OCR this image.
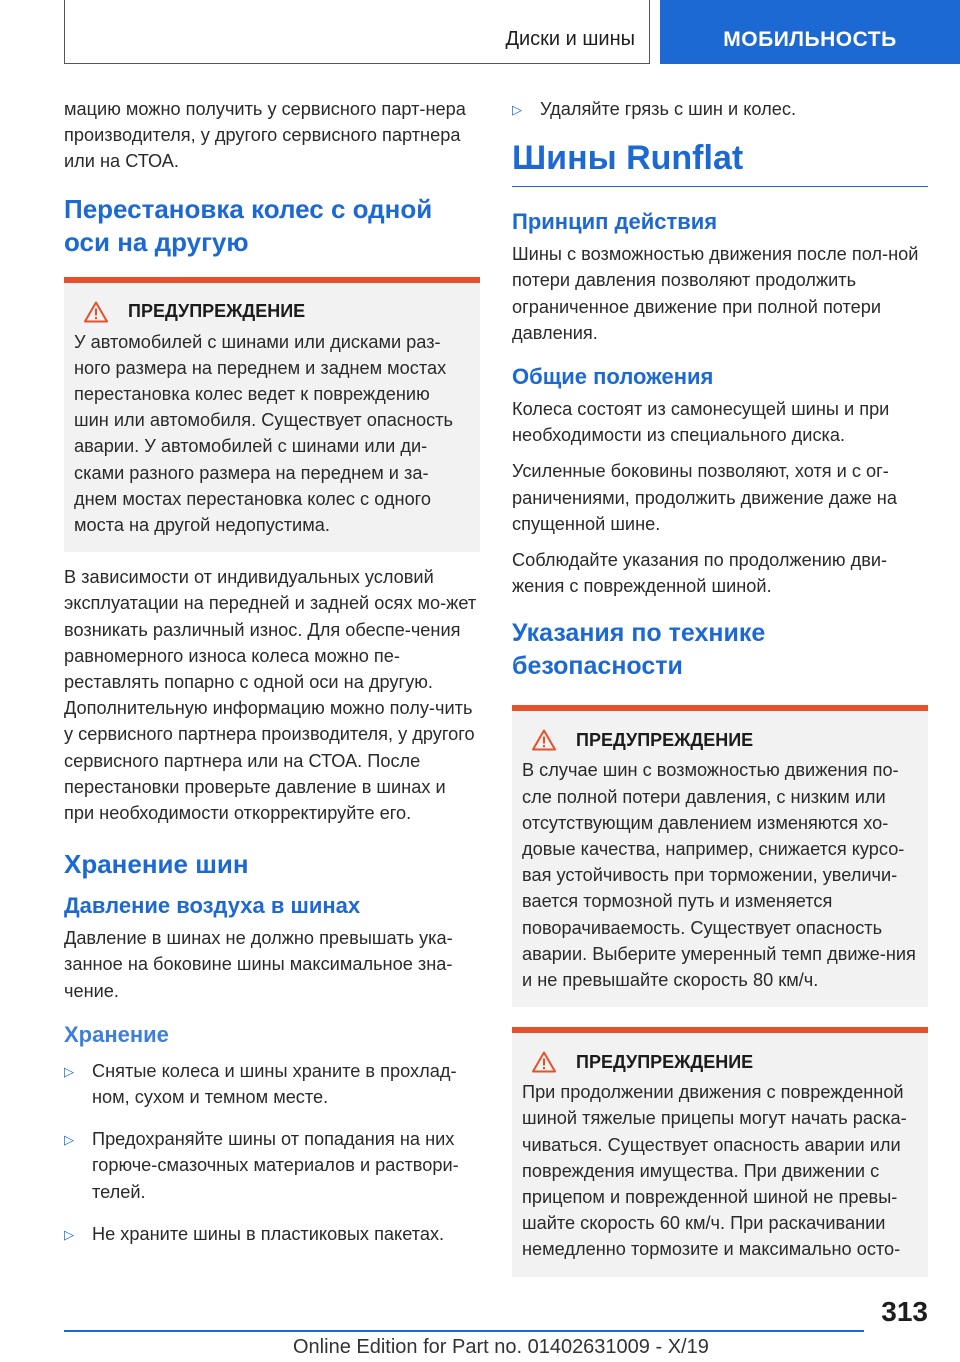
Диски и шины	МОБИЛЬНОСТЬ

мацию можно получить у сервисного парт-нера производителя, у другого сервисного партнера или на СТОА.

Перестановка колес с одной оси на другую
ПРЕДУПРЕЖДЕНИЕ

У автомобилей с шинами или дисками раз-ного размера на переднем и заднем мостах перестановка колес ведет к повреждению шин или автомобиля. Существует опасность аварии. У автомобилей с шинами или ди-сками разного размера на переднем и за-днем мостах перестановка колес с одного моста на другой недопустима.

В зависимости от индивидуальных условий эксплуатации на передней и задней осях мо-жет возникать различный износ. Для обеспе-чения равномерного износа колеса можно пе-реставлять попарно с одной оси на другую. Дополнительную информацию можно полу-чить у сервисного партнера производителя, у другого сервисного партнера или на СТОА. После перестановки проверьте давление в шинах и при необходимости откорректируйте его.

Хранение шин
Давление воздуха в шинах

Давление в шинах не должно превышать ука-занное на боковине шины максимальное зна-чение.

Хранение
▷ Снятые колеса и шины храните в прохлад-ном, сухом и темном месте.
▷ Предохраняйте шины от попадания на них горюче-смазочных материалов и раствори-телей.
▷ Не храните шины в пластиковых пакетах.
▷ Удаляйте грязь с шин и колес.
Шины Runflat
Принцип действия

Шины с возможностью движения после пол-ной потери давления позволяют продолжить ограниченное движение при полной потери давления.

Общие положения

Колеса состоят из самонесущей шины и при необходимости из специального диска.

Усиленные боковины позволяют, хотя и с ог-раничениями, продолжить движение даже на спущенной шине.

Соблюдайте указания по продолжению дви-жения с поврежденной шиной.

Указания по технике безопасности
ПРЕДУПРЕЖДЕНИЕ

В случае шин с возможностью движения по-сле полной потери давления, с низким или отсутствующим давлением изменяются хо-довые качества, например, снижается курсо-вая устойчивость при торможении, увеличи-вается тормозной путь и изменяется поворачиваемость. Существует опасность аварии. Выберите умеренный темп движе-ния и не превышайте скорость 80 км/ч.

ПРЕДУПРЕЖДЕНИЕ

При продолжении движения с поврежденной шиной тяжелые прицепы могут начать раска-чиваться. Существует опасность аварии или повреждения имущества. При движении с прицепом и поврежденной шиной не превы-шайте скорость 60 км/ч. При раскачивании немедленно тормозите и максимально осто-

313
Online Edition for Part no. 01402631009 - X/19
